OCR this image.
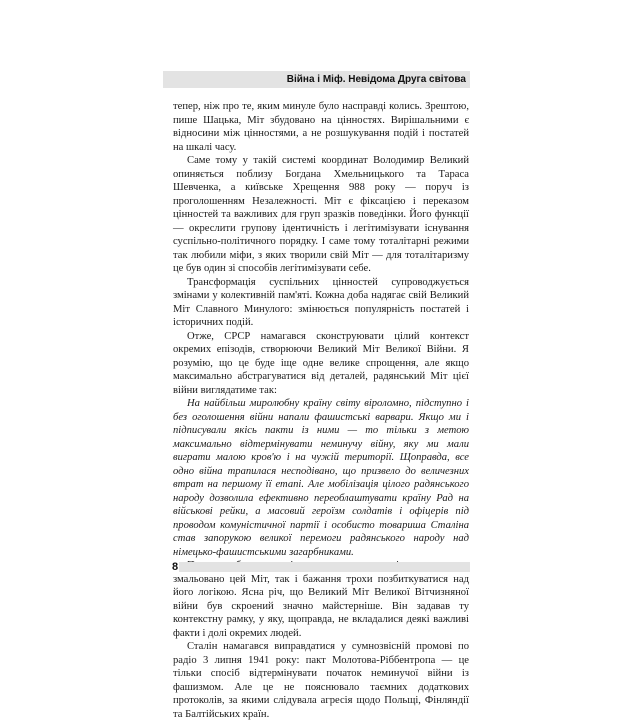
Війна і Міф. Невідома Друга світова

тепер, ніж про те, яким минуле було насправді колись. Зрештою, пише Шацька, Міт збудовано на цінностях. Вирішальними є відносини між цінностями, а не розшукування подій і постатей на шкалі часу.

Саме тому у такій системі координат Володимир Великий опиняється поблизу Богдана Хмельницького та Тараса Шевченка, а київське Хрещення 988 року — поруч із проголошенням Незалежності. Міт є фіксацією і переказом цінностей та важливих для груп зразків поведінки. Його функції — окреслити групову ідентичність і легітимізувати існування суспільно-політичного порядку. І саме тому тоталітарні режими так любили міфи, з яких творили свій Міт — для тоталітаризму це був один зі способів легітимізувати себе.

Трансформація суспільних цінностей супроводжується змінами у колективній пам'яті. Кожна доба надягає свій Великий Міт Славного Минулого: змінюється популярність постатей і історичних подій.

Отже, СРСР намагався сконструювати цілий контекст окремих епізодів, створюючи Великий Міт Великої Війни. Я розумію, що це буде іще одне велике спрощення, але якщо максимально абстрагуватися від деталей, радянський Міт цієї війни виглядатиме так:

На найбільш миролюбну країну світу віроломно, підступно і без оголошення війни напали фашистські варвари. Якщо ми і підписували якісь пакти із ними — то тільки з метою максимально відтермінувати неминучу війну, яку ми мали виграти малою кров'ю і на чужій території. Щоправда, все одно війна трапилася несподівано, що призвело до величезних втрат на першому її етапі. Але мобілізація цілого радянського народу дозволила ефективно переоблаштувати країну Рад на військові рейки, а масовий героїзм солдатів і офіцерів під проводом комуністичної партії і особисто товариша Сталіна став запорукою великої перемоги радянського народу над німецько-фашистськими загарбниками.

змальовано цей Міт, так і бажання трохи позбиткуватися над його логікою. Ясна річ, що Великий Міт Великої Вітчизняної війни був скроений значно майстерніше. Він задавав ту контекстну рамку, у яку, щоправда, не вкладалися деякі важливі факти і долі окремих людей.

Сталін намагався виправдатися у сумнозвісній промові по радіо 3 липня 1941 року: пакт Молотова-Ріббентропа — це тільки спосіб відтермінувати початок неминучої війни із фашизмом. Але це не пояснювало таємних додаткових протоколів, за якими слідувала агресія щодо Польщі, Фінляндії та Балтійських країн.

8
